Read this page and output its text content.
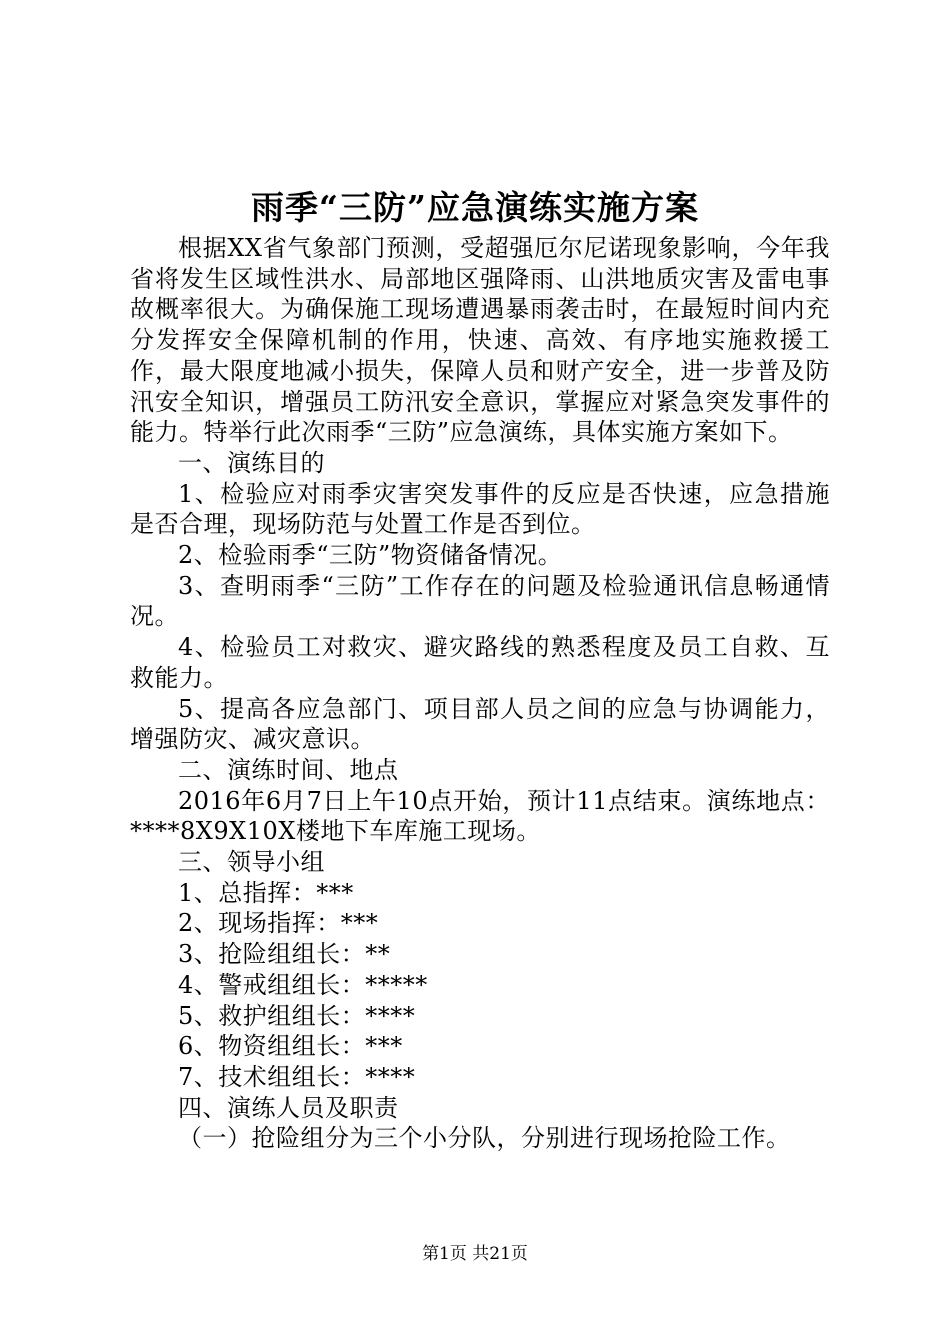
雨季“三防”应急演练实施方案

根据XX省气象部门预测，受超强厄尔尼诺现象影响，今年我省将发生区域性洪水、局部地区强降雨、山洪地质灾害及雷电事故概率很大。为确保施工现场遭遇暴雨袭击时，在最短时间内充分发挥安全保障机制的作用，快速、高效、有序地实施救援工作，最大限度地减小损失，保障人员和财产安全，进一步普及防汛安全知识，增强员工防汛安全意识，掌握应对紧急突发事件的能力。特举行此次雨季“三防”应急演练，具体实施方案如下。

一、演练目的

1、检验应对雨季灾害突发事件的反应是否快速，应急措施是否合理，现场防范与处置工作是否到位。

2、检验雨季“三防”物资储备情况。

3、查明雨季“三防”工作存在的问题及检验通讯信息畅通情况。

4、检验员工对救灾、避灾路线的熟悉程度及员工自救、互救能力。

5、提高各应急部门、项目部人员之间的应急与协调能力，增强防灾、减灾意识。

二、演练时间、地点

2016年6月7日上午10点开始，预计11点结束。演练地点：****8X9X10X楼地下车库施工现场。

三、领导小组

1、总指挥：***

2、现场指挥：***

3、抢险组组长：**

4、警戒组组长：*****

5、救护组组长：****

6、物资组组长：***

7、技术组组长：****

四、演练人员及职责

（一）抢险组分为三个小分队，分别进行现场抢险工作。

第1页 共21页
